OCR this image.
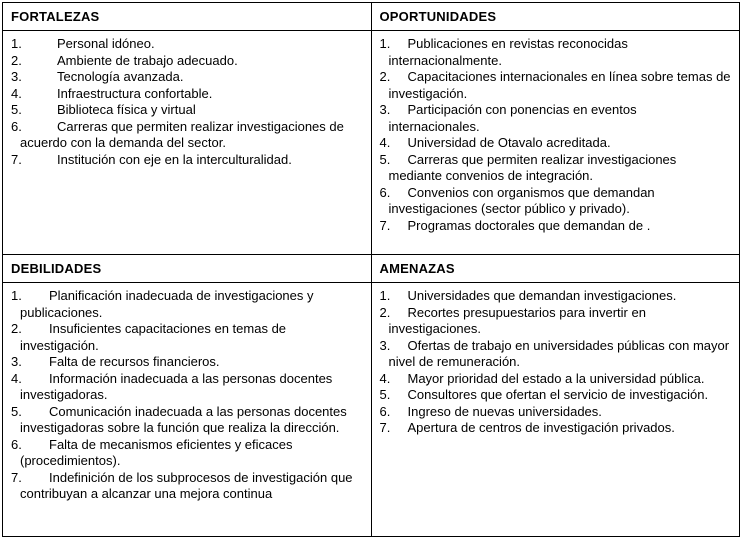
FORTALEZAS	OPORTUNIDADES

1.	Personal idóneo.
2.	Ambiente de trabajo adecuado.
3.	Tecnología avanzada.
4.	Infraestructura confortable.
5.	Biblioteca física y virtual
6.	Carreras que permiten realizar investigaciones de acuerdo con la demanda del sector.
7.	Institución con eje en la interculturalidad.

1. Publicaciones en revistas reconocidas internacionalmente.
2. Capacitaciones internacionales en línea sobre temas de investigación.
3. Participación con ponencias en eventos internacionales.
4. Universidad de Otavalo acreditada.
5. Carreras que permiten realizar investigaciones mediante convenios de integración.
6. Convenios con organismos que demandan investigaciones (sector público y privado).
7. Programas doctorales que demandan de .

DEBILIDADES	AMENAZAS

1. Planificación inadecuada de investigaciones y publicaciones.
2. Insuficientes capacitaciones en temas de investigación.
3. Falta de recursos financieros.
4. Información inadecuada a las personas docentes investigadoras.
5. Comunicación inadecuada a las personas docentes investigadoras sobre la función que realiza la dirección.
6. Falta de mecanismos eficientes y eficaces (procedimientos).
7. Indefinición de los subprocesos de investigación que contribuyan a alcanzar una mejora continua

1. Universidades que demandan investigaciones.
2. Recortes presupuestarios para invertir en investigaciones.
3. Ofertas de trabajo en universidades públicas con mayor nivel de remuneración.
4. Mayor prioridad del estado a la universidad pública.
5. Consultores que ofertan el servicio de investigación.
6. Ingreso de nuevas universidades.
7. Apertura de centros de investigación privados.
